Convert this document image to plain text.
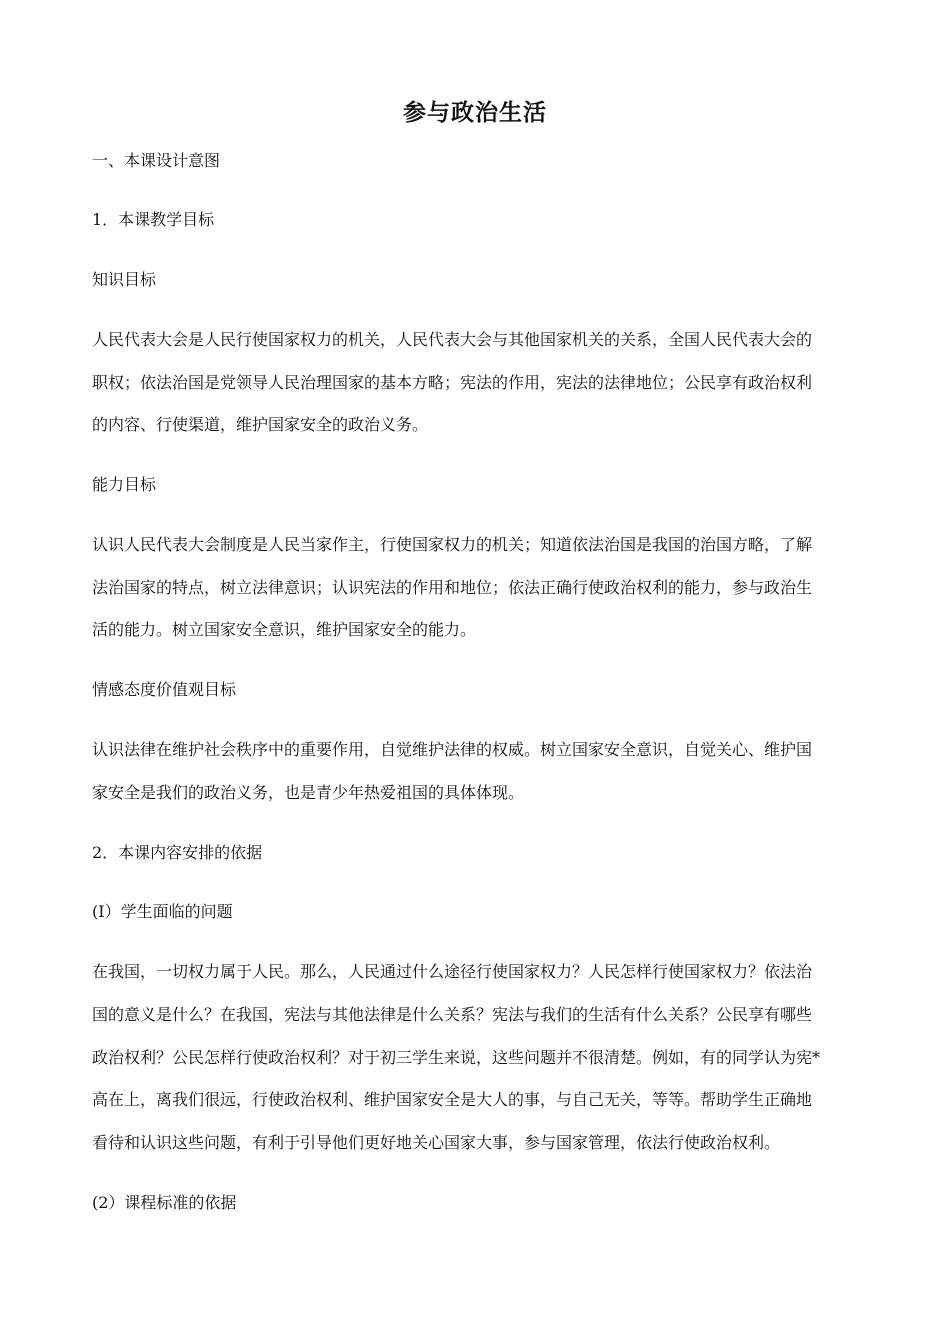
参与政治生活

一、本课设计意图

1．本课教学目标

知识目标

人民代表大会是人民行使国家权力的机关，人民代表大会与其他国家机关的关系，全国人民代表大会的

职权；依法治国是党领导人民治理国家的基本方略；宪法的作用，宪法的法律地位；公民享有政治权利

的内容、行使渠道，维护国家安全的政治义务。

能力目标

认识人民代表大会制度是人民当家作主，行使国家权力的机关；知道依法治国是我国的治国方略，了解

法治国家的特点，树立法律意识；认识宪法的作用和地位；依法正确行使政治权利的能力，参与政治生

活的能力。树立国家安全意识，维护国家安全的能力。

情感态度价值观目标

认识法律在维护社会秩序中的重要作用，自觉维护法律的权威。树立国家安全意识，自觉关心、维护国

家安全是我们的政治义务，也是青少年热爱祖国的具体体现。

2．本课内容安排的依据

(I）学生面临的问题

在我国，一切权力属于人民。那么，人民通过什么途径行使国家权力？人民怎样行使国家权力？依法治

国的意义是什么？在我国，宪法与其他法律是什么关系？宪法与我们的生活有什么关系？公民享有哪些

政治权利？公民怎样行使政治权利？对于初三学生来说，这些问题并不很清楚。例如，有的同学认为宪*

高在上，离我们很远，行使政治权利、维护国家安全是大人的事，与自己无关，等等。帮助学生正确地

看待和认识这些问题，有利于引导他们更好地关心国家大事，参与国家管理，依法行使政治权利。

(2）课程标准的依据
